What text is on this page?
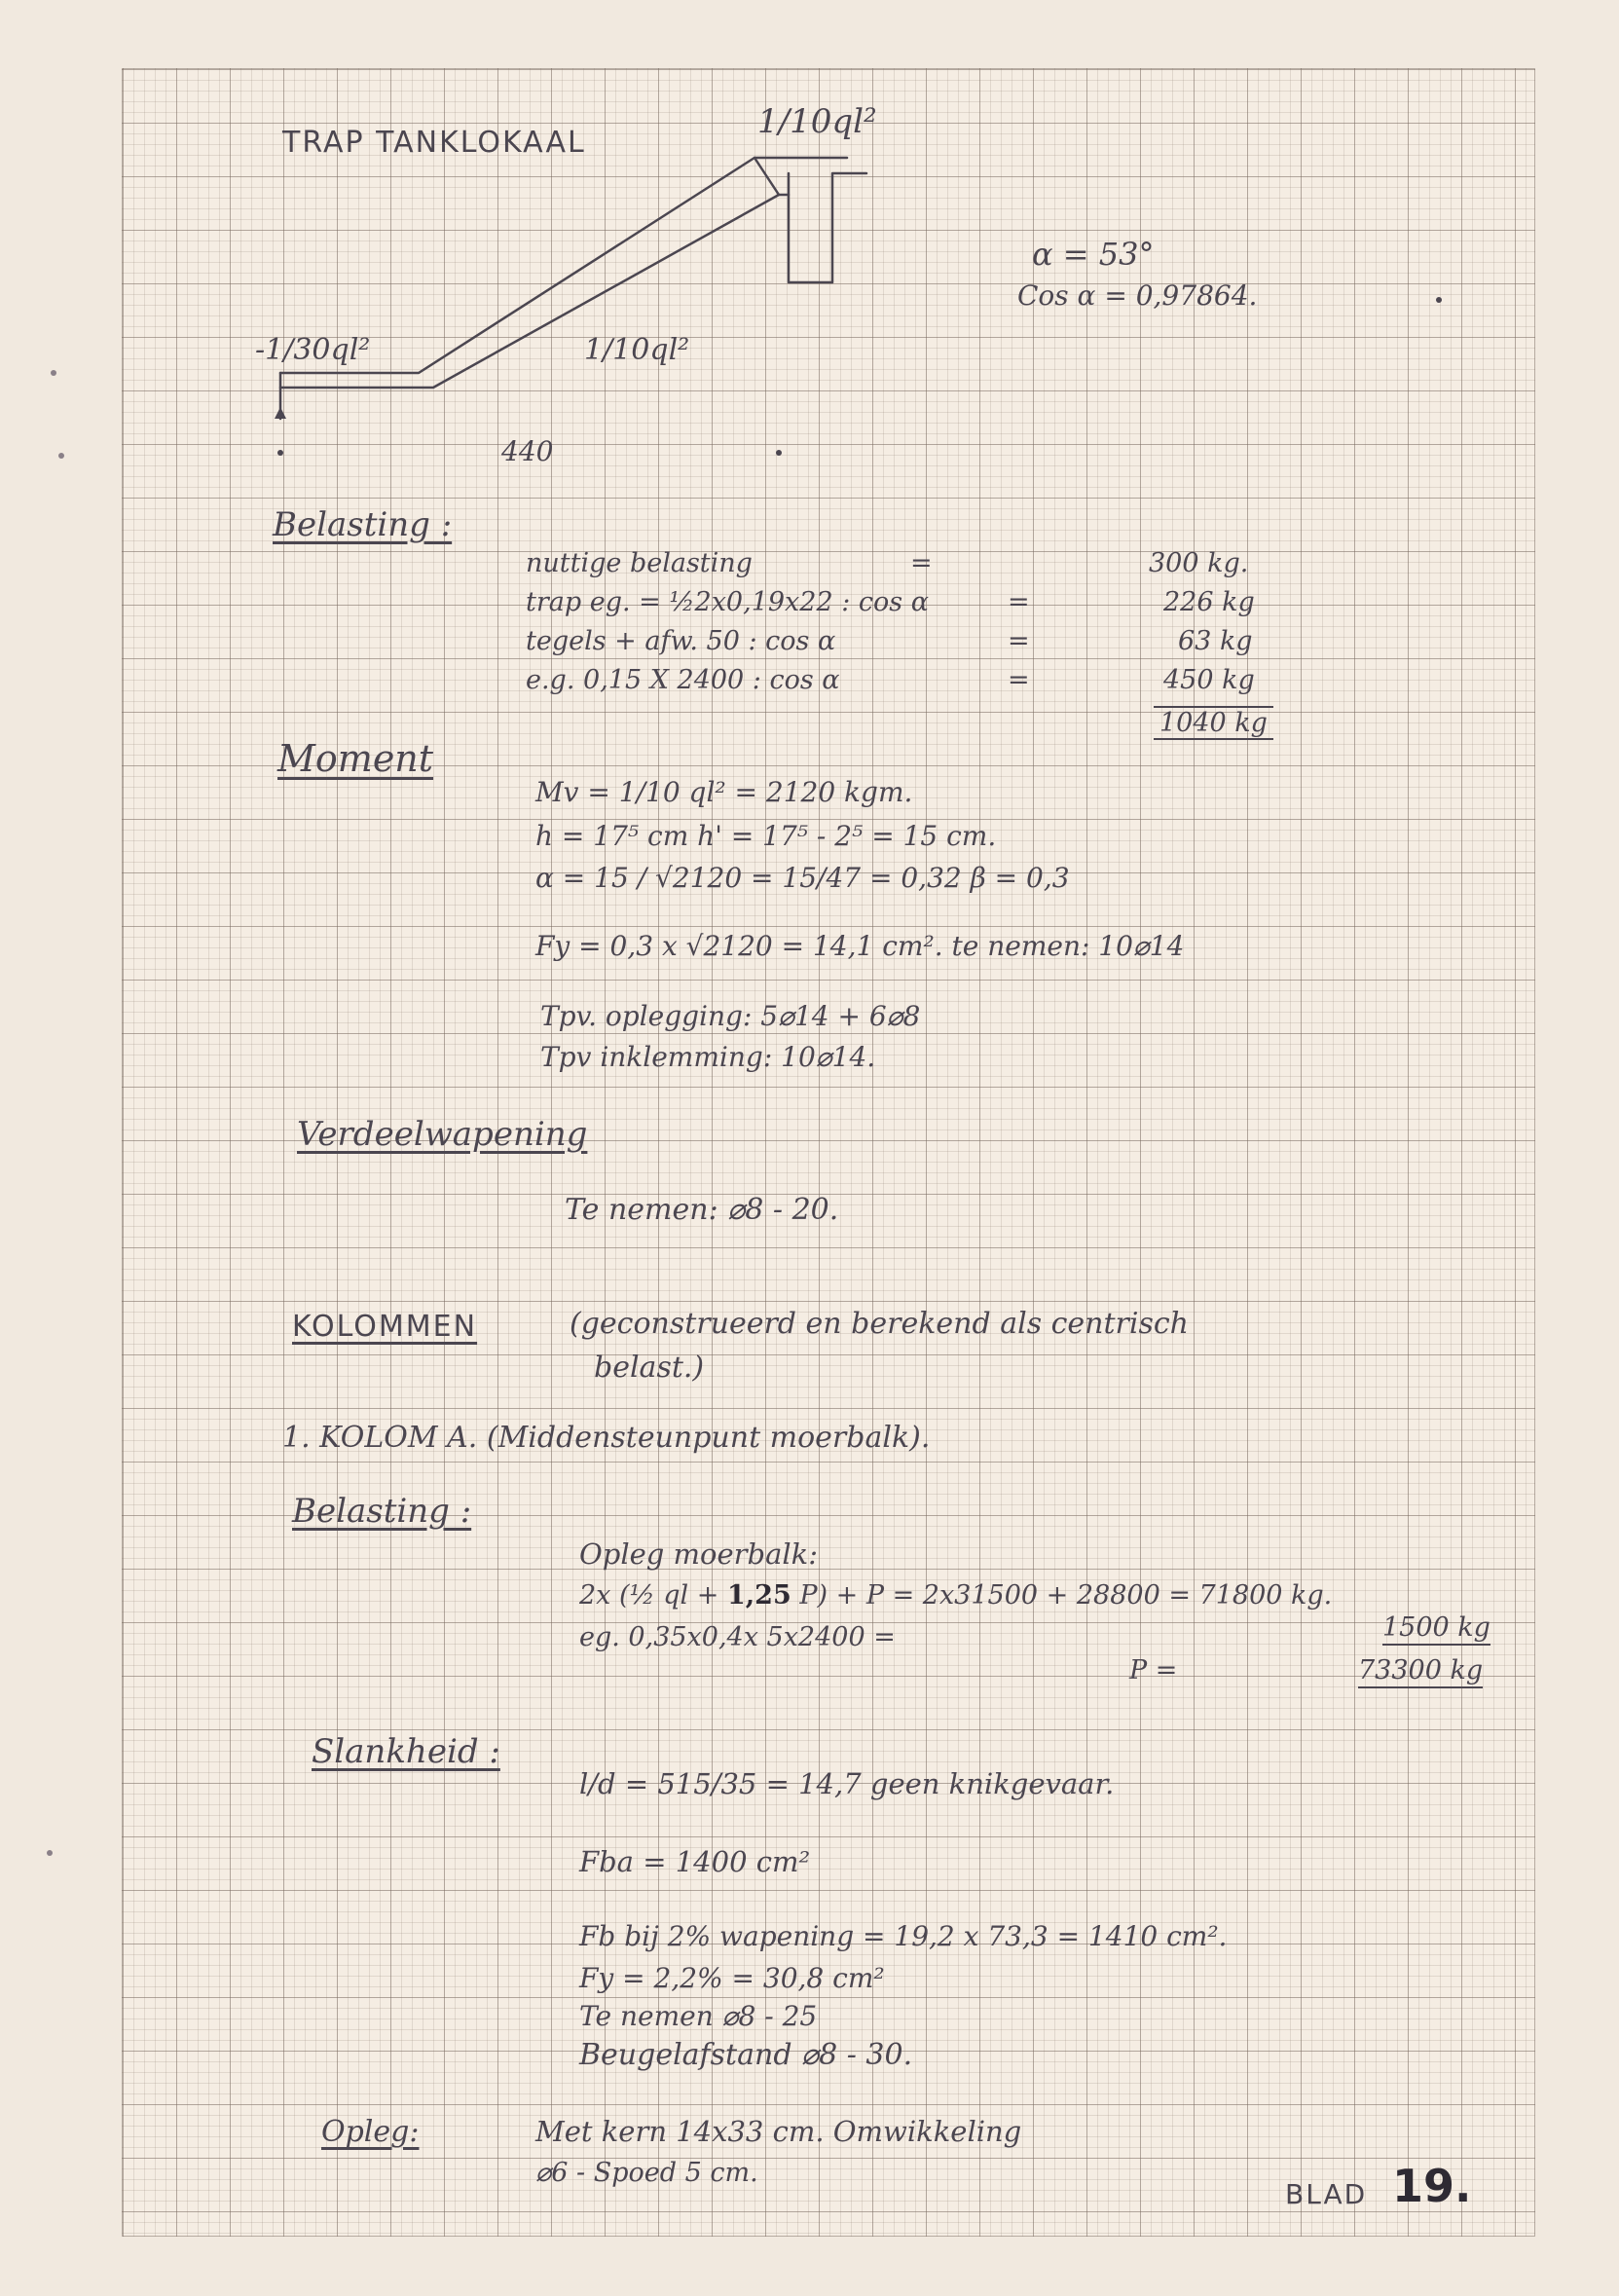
TRAP TANKLOKAAL
1/10ql²
-1/30ql²	1/10ql²
440
α = 53°
Cos α = 0,97864.
Belasting :
nuttige belasting	=	300 kg.
trap eg. = ½2x0,19x22 : cos α	=	226 kg
tegels + afw. 50 : cos α	=	63 kg
e.g. 0,15 X 2400 : cos α	=	450 kg
1040 kg
Moment
Mv = 1/10 ql² = 2120 kgm.
h = 17⁵ cm h' = 17⁵ - 2⁵ = 15 cm.
α = 15 / √2120 = 15/47 = 0,32 β = 0,3
Fy = 0,3 x √2120 = 14,1 cm². te nemen: 10⌀14
Tpv. oplegging: 5⌀14 + 6⌀8
Tpv inklemming: 10⌀14.
Verdeelwapening
Te nemen: ⌀8 - 20.
KOLOMMEN	(geconstrueerd en berekend als centrisch
belast.)
1. KOLOM A. (Middensteunpunt moerbalk).
Belasting :
Opleg moerbalk:
2x (½ ql + 1,25 P) + P = 2x31500 + 28800 = 71800 kg.
eg. 0,35x0,4x 5x2400 =	1500 kg
P =	73300 kg
Slankheid :
l/d = 515/35 = 14,7 geen knikgevaar.
Fba = 1400 cm²
Fb bij 2% wapening = 19,2 x 73,3 = 1410 cm².
Fy = 2,2% = 30,8 cm²
Te nemen ⌀8 - 25
Beugelafstand ⌀8 - 30.
Opleg:	Met kern 14x33 cm. Omwikkeling
⌀6 - Spoed 5 cm.
BLAD 19.
